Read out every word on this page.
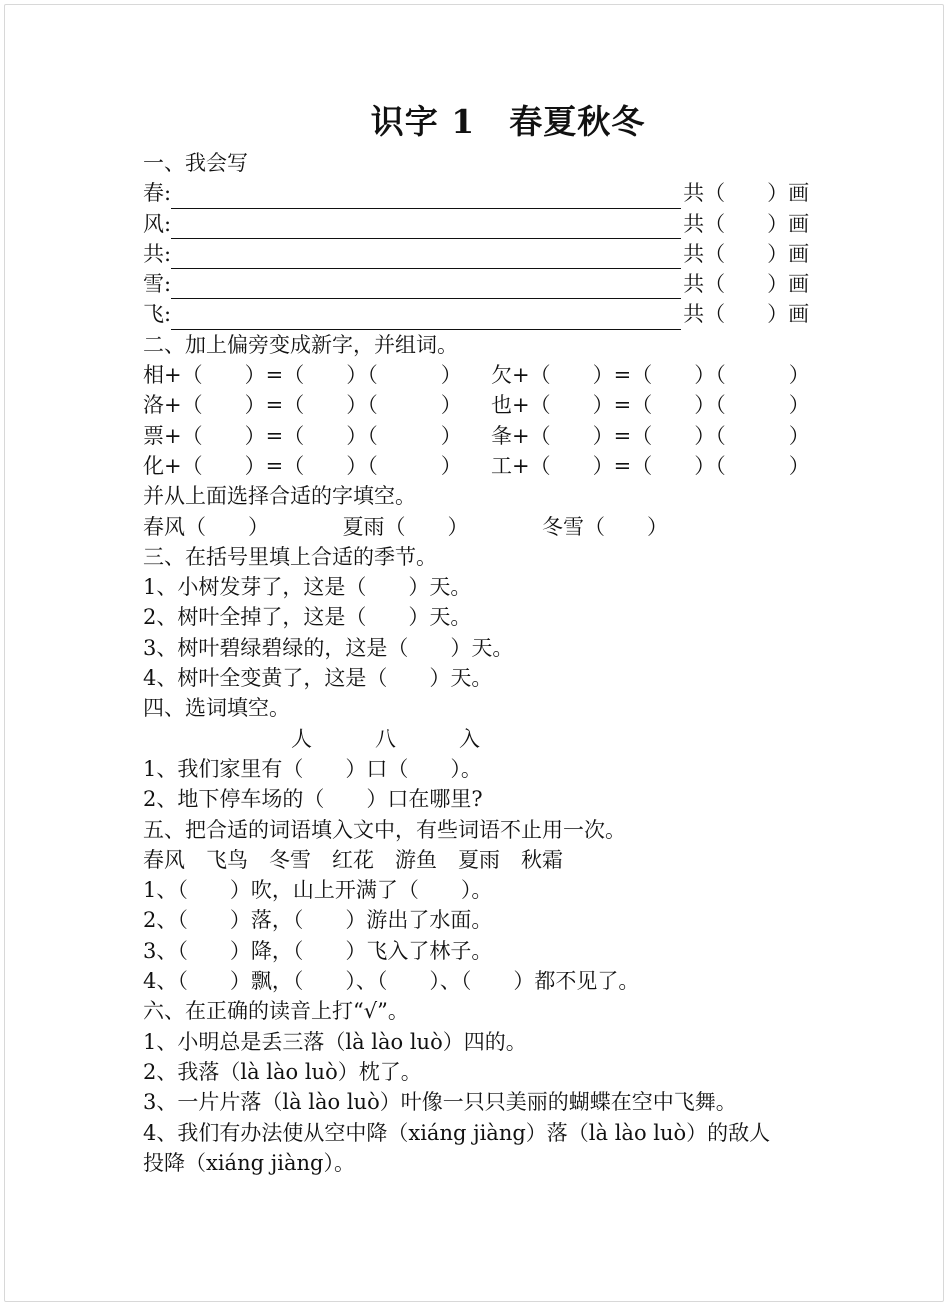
识字 1　春夏秋冬
一、我会写
春:	共（　　）画
风:	共（　　）画
共:	共（　　）画
雪:	共（　　）画
飞:	共（　　）画
二、加上偏旁变成新字，并组词。
相+（　　）=（　　）（　　　）	欠+（　　）=（　　）（　　　）
洛+（　　）=（　　）（　　　）	也+（　　）=（　　）（　　　）
票+（　　）=（　　）（　　　）	夆+（　　）=（　　）（　　　）
化+（　　）=（　　）（　　　）	工+（　　）=（　　）（　　　）
并从上面选择合适的字填空。
春风（　　）　　　　夏雨（　　）　　　　冬雪（　　）
三、在括号里填上合适的季节。
1、小树发芽了，这是（　　）天。
2、树叶全掉了，这是（　　）天。
3、树叶碧绿碧绿的，这是（　　）天。
4、树叶全变黄了，这是（　　）天。
四、选词填空。
人　　　八　　　入
1、我们家里有（　　）口（　　）。
2、地下停车场的（　　）口在哪里?
五、把合适的词语填入文中，有些词语不止用一次。
春风　飞鸟　冬雪　红花　游鱼　夏雨　秋霜
1、（　　）吹，山上开满了（　　）。
2、（　　）落，（　　）游出了水面。
3、（　　）降，（　　）飞入了林子。
4、（　　）飘，（　　）、（　　）、（　　）都不见了。
六、在正确的读音上打“√”。
1、小明总是丢三落（là lào luò）四的。
2、我落（là lào luò）枕了。
3、一片片落（là lào luò）叶像一只只美丽的蝴蝶在空中飞舞。
4、我们有办法使从空中降（xiáng jiàng）落（là lào luò）的敌人
投降（xiáng jiàng）。
